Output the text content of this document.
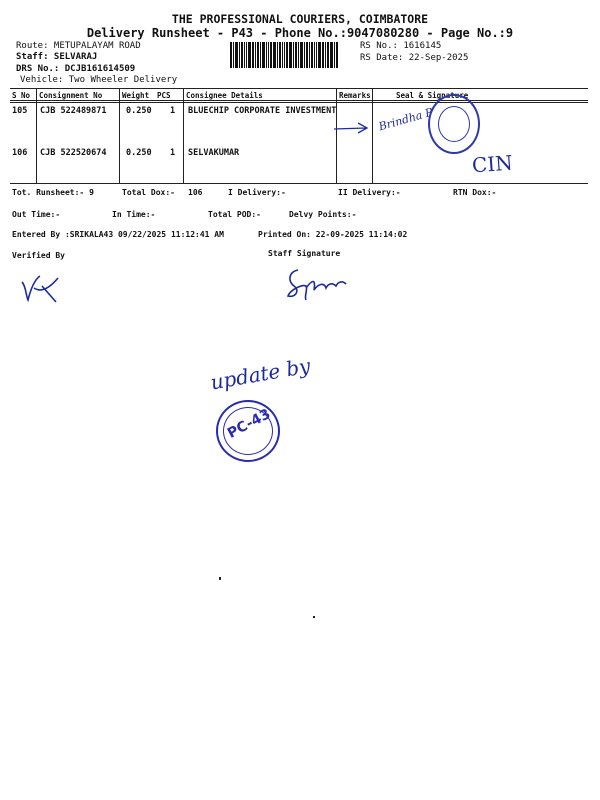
THE PROFESSIONAL COURIERS, COIMBATORE
Delivery Runsheet - P43 - Phone No.:9047080280 - Page No.:9
Route: METUPALAYAM ROAD
Staff: SELVARAJ
DRS No.: DCJB161614509
Vehicle: Two Wheeler Delivery
RS No.: 1616145
RS Date: 22-Sep-2025
S No Consignment No	Weight PCS Consignee Details	Remarks	Seal & Signature
105 CJB 522489871 0.250 1 BLUECHIP CORPORATE INVESTMENT
106 CJB 522520674 0.250 1 SELVAKUMAR
Brindha P
CIN
Tot. Runsheet:- 9	Total Dox:- 106	I Delivery:-	II Delivery:-	RTN Dox:-
Out Time:-	In Time:-	Total POD:-	Delvy Points:-
Entered By :SRIKALA43 09/22/2025 11:12:41 AM	Printed On: 22-09-2025 11:14:02
Verified By	Staff Signature
update by
PC-43
